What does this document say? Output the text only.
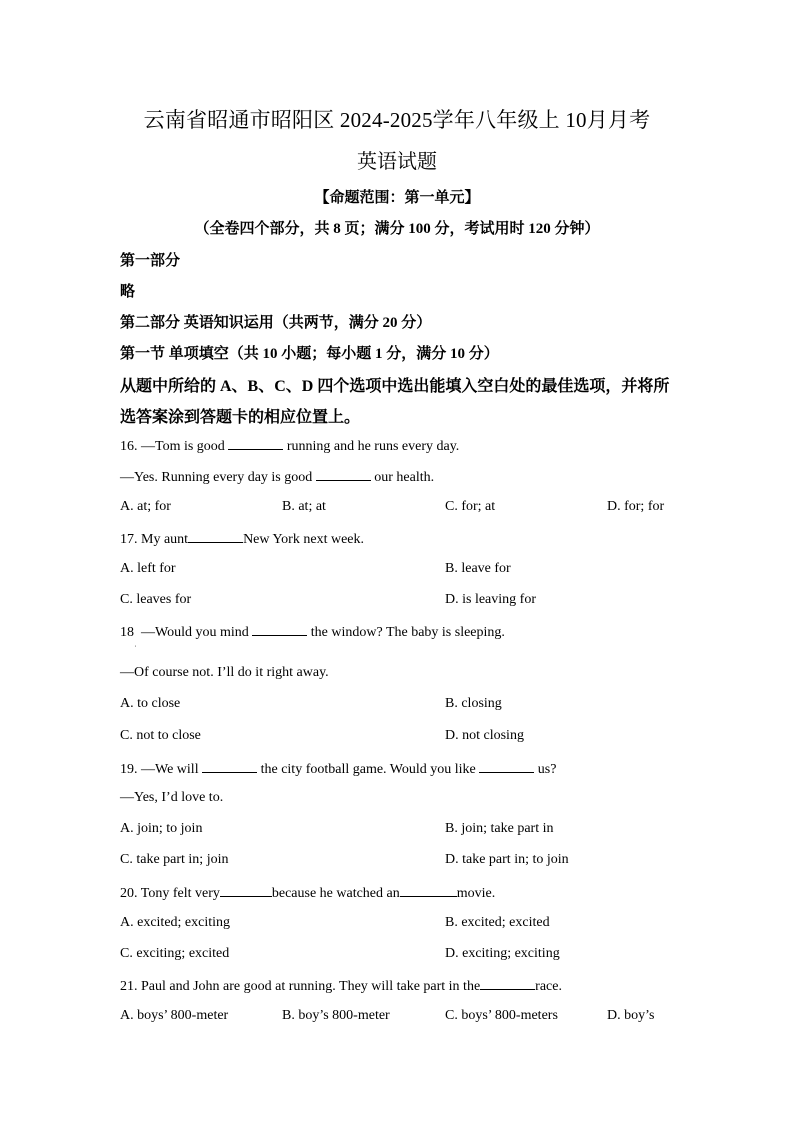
云南省昭通市昭阳区 2024-2025学年八年级上 10月月考
英语试题
【命题范围：第一单元】
（全卷四个部分，共 8 页；满分 100 分，考试用时 120 分钟）
第一部分
略
第二部分 英语知识运用（共两节，满分 20 分）
第一节 单项填空（共 10 小题；每小题 1 分，满分 10 分）
从题中所给的 A、B、C、D 四个选项中选出能填入空白处的最佳选项，并将所
选答案涂到答题卡的相应位置上。
16. —Tom is good	running and he runs every day.
—Yes. Running every day is good	our health.
A. at; for	B. at; at	C. for; at	D. for; for
17. My aunt	New York next week.
A. left for	B. leave for
C. leaves for	D. is leaving for
18 —Would you mind	the window? The baby is sleeping.
˙
—Of course not. I’ll do it right away.
A. to close	B. closing
C. not to close	D. not closing
19. —We will	the city football game. Would you like	us?
—Yes, I’d love to.
A. join; to join	B. join; take part in
C. take part in; join	D. take part in; to join
20. Tony felt very	because he watched an	movie.
A. excited; exciting	B. excited; excited
C. exciting; excited	D. exciting; exciting
21. Paul and John are good at running. They will take part in the	race.
A. boys’ 800-meter	B. boy’s 800-meter	C. boys’ 800-meters	D. boy’s
